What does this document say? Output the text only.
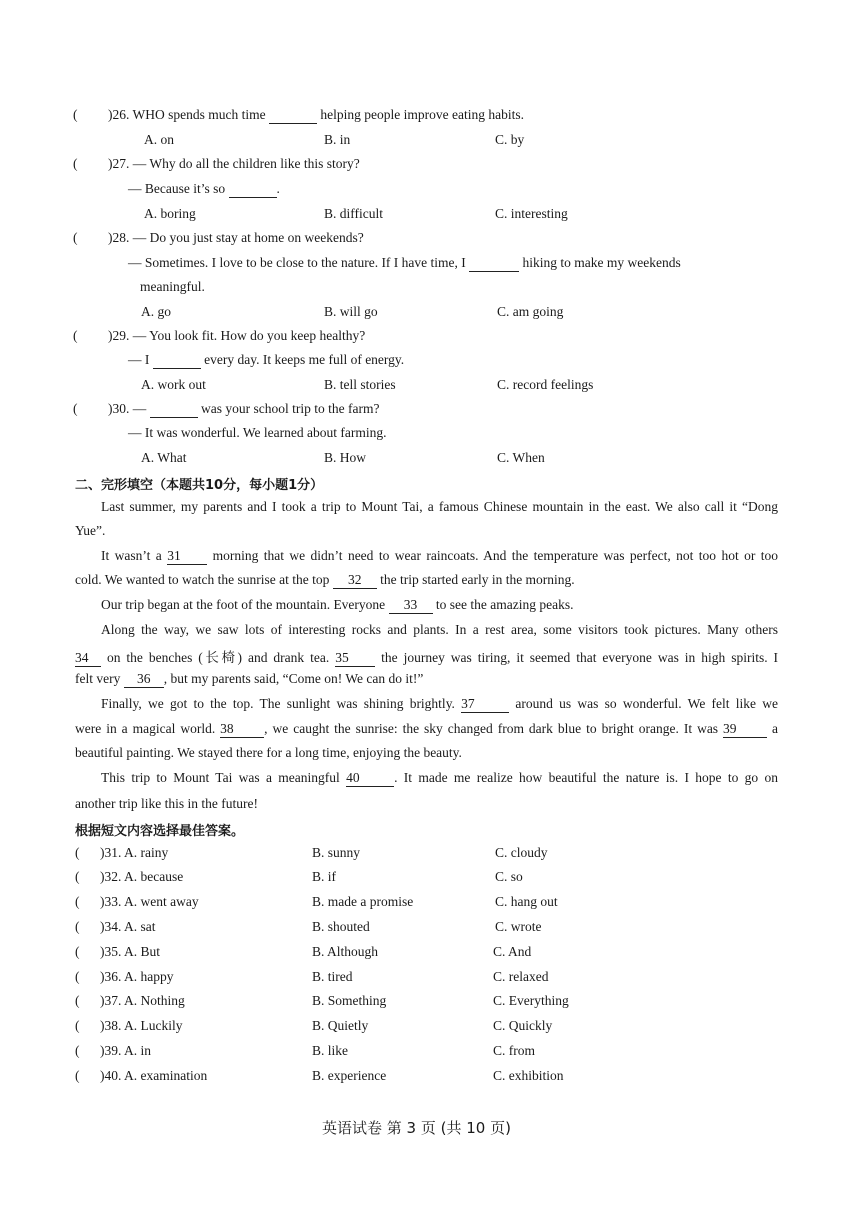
( )26. WHO spends much time	helping people improve eating habits.
A. on	B. in	C. by
( )27. — Why do all the children like this story?
— Because it’s so	.
A. boring	B. difficult	C. interesting
( )28. — Do you just stay at home on weekends?
— Sometimes. I love to be close to the nature. If I have time, I	hiking to make my weekends
meaningful.
A. go	B. will go	C. am going
( )29. — You look fit. How do you keep healthy?
— I	every day. It keeps me full of energy.
A. work out	B. tell stories	C. record feelings
( )30. —	was your school trip to the farm?
— It was wonderful. We learned about farming.
A. What	B. How	C. When
二、完形填空（本题共10分，每小题1分）
Last summer, my parents and I took a trip to Mount Tai, a famous Chinese mountain in the east. We also call it “Dong
Yue”.
It wasn’t a 31 morning that we didn’t need to wear raincoats. And the temperature was perfect, not too hot or too
cold. We wanted to watch the sunrise at the top 32 the trip started early in the morning.
Our trip began at the foot of the mountain. Everyone 33 to see the amazing peaks.
Along the way, we saw lots of interesting rocks and plants. In a rest area, some visitors took pictures. Many others
34 on the benches (长椅) and drank tea. 35 the journey was tiring, it seemed that everyone was in high spirits. I
felt very 36 , but my parents said, “Come on! We can do it!”
Finally, we got to the top. The sunlight was shining brightly. 37	around us was so wonderful. We felt like we
were in a magical world. 38 , we caught the sunrise: the sky changed from dark blue to bright orange. It was 39	a
beautiful painting. We stayed there for a long time, enjoying the beauty.
This trip to Mount Tai was a meaningful 40	. It made me realize how beautiful the nature is. I hope to go on
another trip like this in the future!
根据短文内容选择最佳答案。
( )31. A. rainy	B. sunny	C. cloudy
( )32. A. because	B. if	C. so
( )33. A. went away	B. made a promise	C. hang out
( )34. A. sat	B. shouted	C. wrote
( )35. A. But	B. Although	C. And
( )36. A. happy	B. tired	C. relaxed
( )37. A. Nothing	B. Something	C. Everything
( )38. A. Luckily	B. Quietly	C. Quickly
( )39. A. in	B. like	C. from
( )40. A. examination	B. experience	C. exhibition
英语试卷 第 3 页 (共 10 页)
